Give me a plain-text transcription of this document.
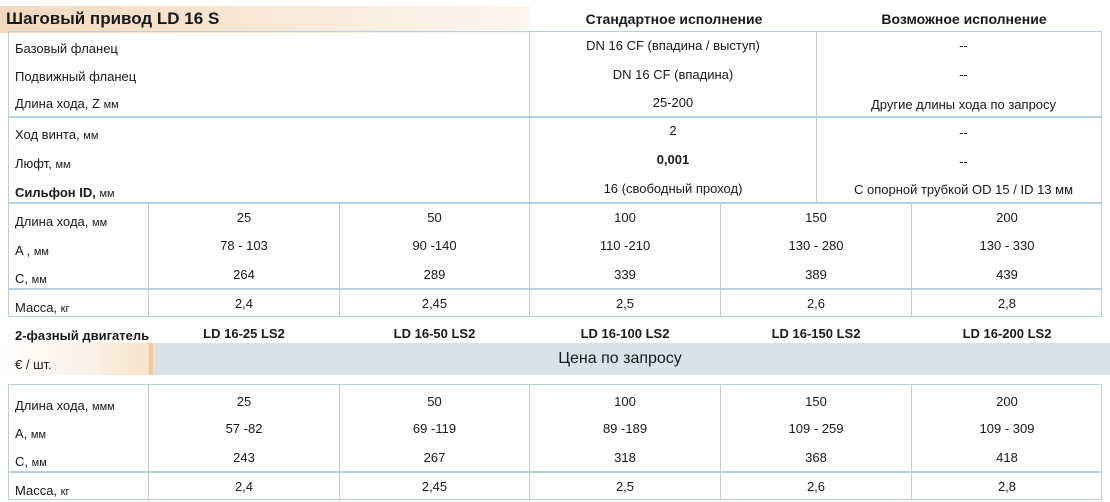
Шаговый привод LD 16 S	Стандартное исполнение	Возможное исполнение
Базовый фланец	DN 16 CF (впадина / выступ)	--
Подвижный фланец	DN 16 CF (впадина)	--
Длина хода, Z мм	25-200	Другие длины хода по запросу
Ход винта, мм	2	--
Люфт, мм	0,001	--
Сильфон ID, мм	16 (свободный проход)	С опорной трубкой OD 15 / ID 13 мм
Длина хода, мм	25	50	100	150	200
A , мм	78 - 103	90 -140	110 -210	130 - 280	130 - 330
C, мм	264	289	339	389	439
Масса, кг	2,4	2,45	2,5	2,6	2,8
2-фазный двигатель	LD 16-25 LS2	LD 16-50 LS2	LD 16-100 LS2	LD 16-150 LS2	LD 16-200 LS2
€ / шт.	Цена по запросу
Длина хода, ммм	25	50	100	150	200
A, мм	57 -82	69 -119	89 -189	109 - 259	109 - 309
C, мм	243	267	318	368	418
Масса, кг	2,4	2,45	2,5	2,6	2,8
